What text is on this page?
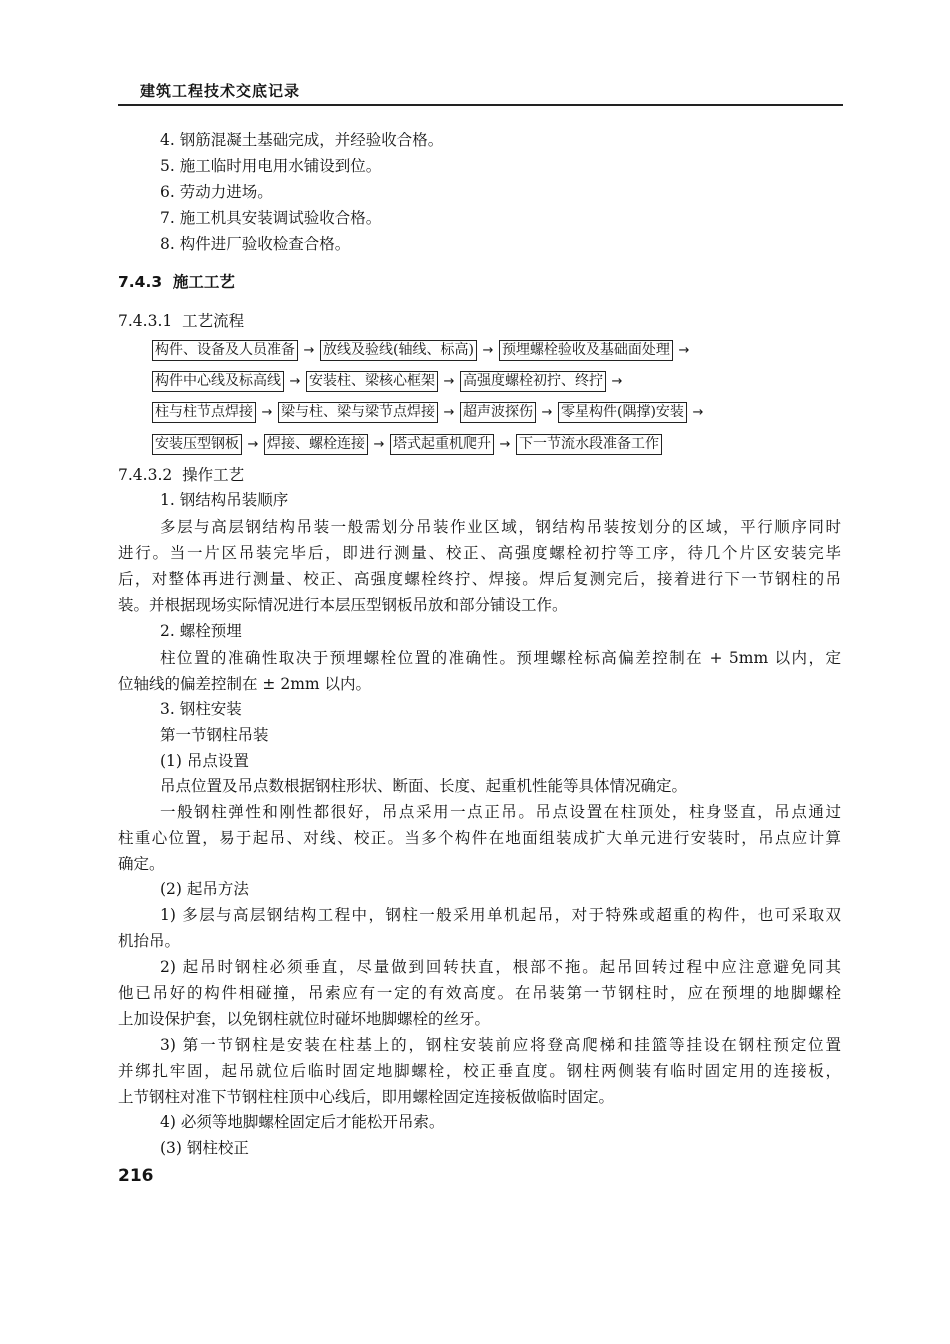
建筑工程技术交底记录
4. 钢筋混凝土基础完成，并经验收合格。
5. 施工临时用电用水铺设到位。
6. 劳动力进场。
7. 施工机具安装调试验收合格。
8. 构件进厂验收检查合格。
7.4.3  施工工艺
7.4.3.1  工艺流程
构件、设备及人员准备 → 放线及验线(轴线、标高) → 预埋螺栓验收及基础面处理 →
构件中心线及标高线 → 安装柱、梁核心框架 → 高强度螺栓初拧、终拧 →
柱与柱节点焊接 → 梁与柱、梁与梁节点焊接 → 超声波探伤 → 零星构件(隅撑)安装 →
安装压型钢板 → 焊接、螺栓连接 → 塔式起重机爬升 → 下一节流水段准备工作
7.4.3.2  操作工艺
1. 钢结构吊装顺序
多层与高层钢结构吊装一般需划分吊装作业区域，钢结构吊装按划分的区域，平行顺序同时
进行。当一片区吊装完毕后，即进行测量、校正、高强度螺栓初拧等工序，待几个片区安装完毕
后，对整体再进行测量、校正、高强度螺栓终拧、焊接。焊后复测完后，接着进行下一节钢柱的吊
装。并根据现场实际情况进行本层压型钢板吊放和部分铺设工作。
2. 螺栓预埋
柱位置的准确性取决于预埋螺栓位置的准确性。预埋螺栓标高偏差控制在 + 5mm 以内，定
位轴线的偏差控制在 ± 2mm 以内。
3. 钢柱安装
第一节钢柱吊装
(1) 吊点设置
吊点位置及吊点数根据钢柱形状、断面、长度、起重机性能等具体情况确定。
一般钢柱弹性和刚性都很好，吊点采用一点正吊。吊点设置在柱顶处，柱身竖直，吊点通过
柱重心位置，易于起吊、对线、校正。当多个构件在地面组装成扩大单元进行安装时，吊点应计算
确定。
(2) 起吊方法
1) 多层与高层钢结构工程中，钢柱一般采用单机起吊，对于特殊或超重的构件，也可采取双
机抬吊。
2) 起吊时钢柱必须垂直，尽量做到回转扶直，根部不拖。起吊回转过程中应注意避免同其
他已吊好的构件相碰撞，吊索应有一定的有效高度。在吊装第一节钢柱时，应在预埋的地脚螺栓
上加设保护套，以免钢柱就位时碰坏地脚螺栓的丝牙。
3) 第一节钢柱是安装在柱基上的，钢柱安装前应将登高爬梯和挂篮等挂设在钢柱预定位置
并绑扎牢固，起吊就位后临时固定地脚螺栓，校正垂直度。钢柱两侧装有临时固定用的连接板，
上节钢柱对准下节钢柱柱顶中心线后，即用螺栓固定连接板做临时固定。
4) 必须等地脚螺栓固定后才能松开吊索。
(3) 钢柱校正
216
